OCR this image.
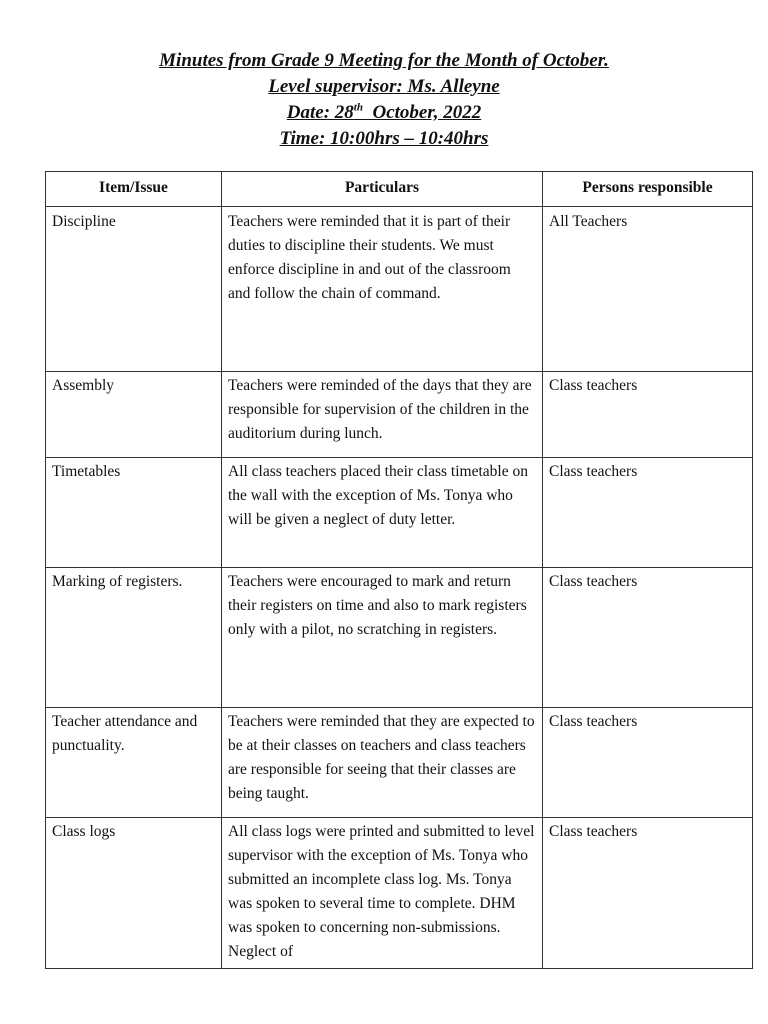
Minutes from Grade 9 Meeting for the Month of October.
Level supervisor: Ms. Alleyne
Date: 28th  October, 2022
Time: 10:00hrs – 10:40hrs
Item/Issue	Particulars	Persons responsible
Discipline	Teachers were reminded that it is part of their duties to discipline their students. We must enforce discipline in and out of the classroom and follow the chain of command.	All Teachers
Assembly	Teachers were reminded of the days that they are responsible for supervision of the children in the auditorium during lunch.	Class teachers
Timetables	All class teachers placed their class timetable on the wall with the exception of Ms. Tonya who will be given a neglect of duty letter.	Class teachers
Marking of registers.	Teachers were encouraged to mark and return their registers on time and also to mark registers only with a pilot, no scratching in registers.	Class teachers
Teacher attendance and punctuality.	Teachers were reminded that they are expected to be at their classes on teachers and class teachers are responsible for seeing that their classes are being taught.	Class teachers
Class logs	All class logs were printed and submitted to level supervisor with the exception of Ms. Tonya who submitted an incomplete class log. Ms. Tonya was spoken to several time to complete. DHM was spoken to concerning non-submissions. Neglect of	Class teachers
